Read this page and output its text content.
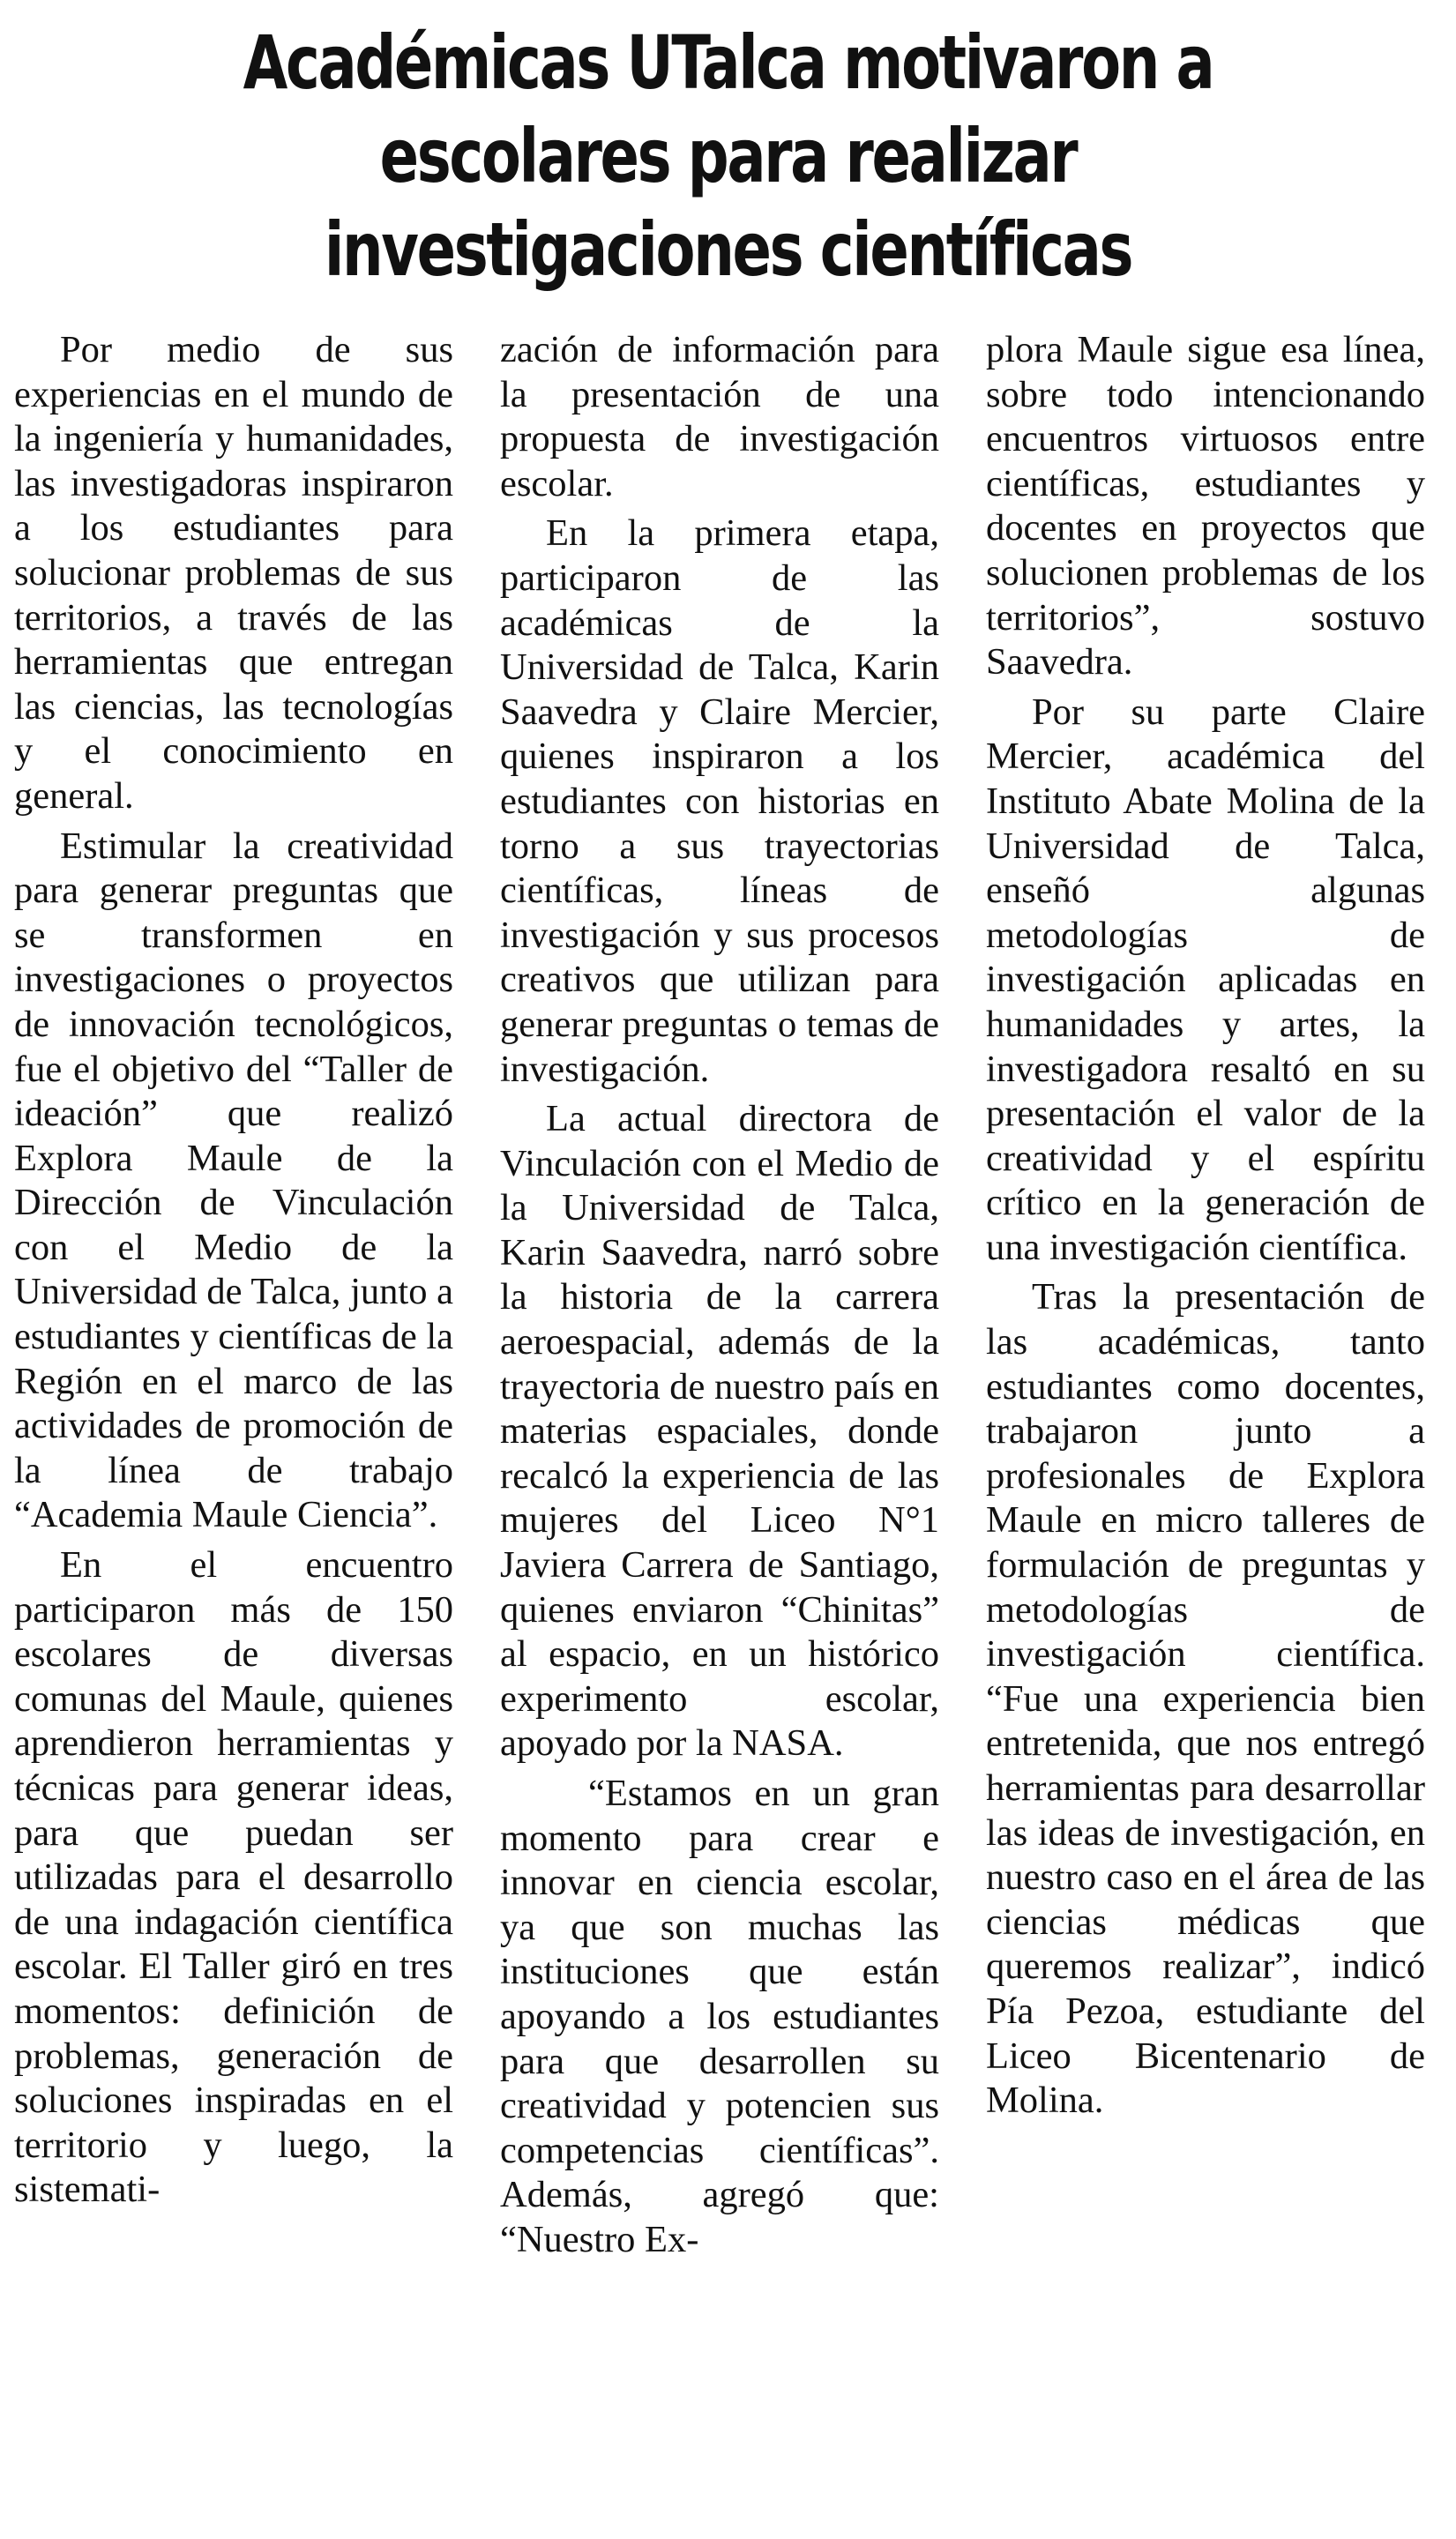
Académicas UTalca motivaron a
escolares para realizar
investigaciones científicas

Por medio de sus experiencias en el mundo de la ingeniería y humanidades, las investigadoras inspiraron a los estudiantes para solucionar problemas de sus territorios, a través de las herramientas que entregan las ciencias, las tecnologías y el conocimiento en general.

Estimular la creatividad para generar preguntas que se transformen en investigaciones o proyectos de innovación tecnológicos, fue el objetivo del “Taller de ideación” que realizó Explora Maule de la Dirección de Vinculación con el Medio de la Universidad de Talca, junto a estudiantes y científicas de la Región en el marco de las actividades de promoción de la línea de trabajo “Academia Maule Ciencia”.

En el encuentro participaron más de 150 escolares de diversas comunas del Maule, quienes aprendieron herramientas y técnicas para generar ideas, para que puedan ser utilizadas para el desarrollo de una indagación científica escolar. El Taller giró en tres momentos: definición de problemas, generación de soluciones inspiradas en el territorio y luego, la sistemati-

zación de información para la presentación de una propuesta de investigación escolar.

En la primera etapa, participaron de las académicas de la Universidad de Talca, Karin Saavedra y Claire Mercier, quienes inspiraron a los estudiantes con historias en torno a sus trayectorias científicas, líneas de investigación y sus procesos creativos que utilizan para generar preguntas o temas de investigación.

La actual directora de Vinculación con el Medio de la Universidad de Talca, Karin Saavedra, narró sobre la historia de la carrera aeroespacial, además de la trayectoria de nuestro país en materias espaciales, donde recalcó la experiencia de las mujeres del Liceo N°1 Javiera Carrera de Santiago, quienes enviaron “Chinitas” al espacio, en un histórico experimento escolar, apoyado por la NASA.

“Estamos en un gran momento para crear e innovar en ciencia escolar, ya que son muchas las instituciones que están apoyando a los estudiantes para que desarrollen su creatividad y potencien sus competencias científicas”. Además, agregó que: “Nuestro Ex-

plora Maule sigue esa línea, sobre todo intencionando encuentros virtuosos entre científicas, estudiantes y docentes en proyectos que solucionen problemas de los territorios”, sostuvo Saavedra.

Por su parte Claire Mercier, académica del Instituto Abate Molina de la Universidad de Talca, enseñó algunas metodologías de investigación aplicadas en humanidades y artes, la investigadora resaltó en su presentación el valor de la creatividad y el espíritu crítico en la generación de una investigación científica.

Tras la presentación de las académicas, tanto estudiantes como docentes, trabajaron junto a profesionales de Explora Maule en micro talleres de formulación de preguntas y metodologías de investigación científica. “Fue una experiencia bien entretenida, que nos entregó herramientas para desarrollar las ideas de investigación, en nuestro caso en el área de las ciencias médicas que queremos realizar”, indicó Pía Pezoa, estudiante del Liceo Bicentenario de Molina.
